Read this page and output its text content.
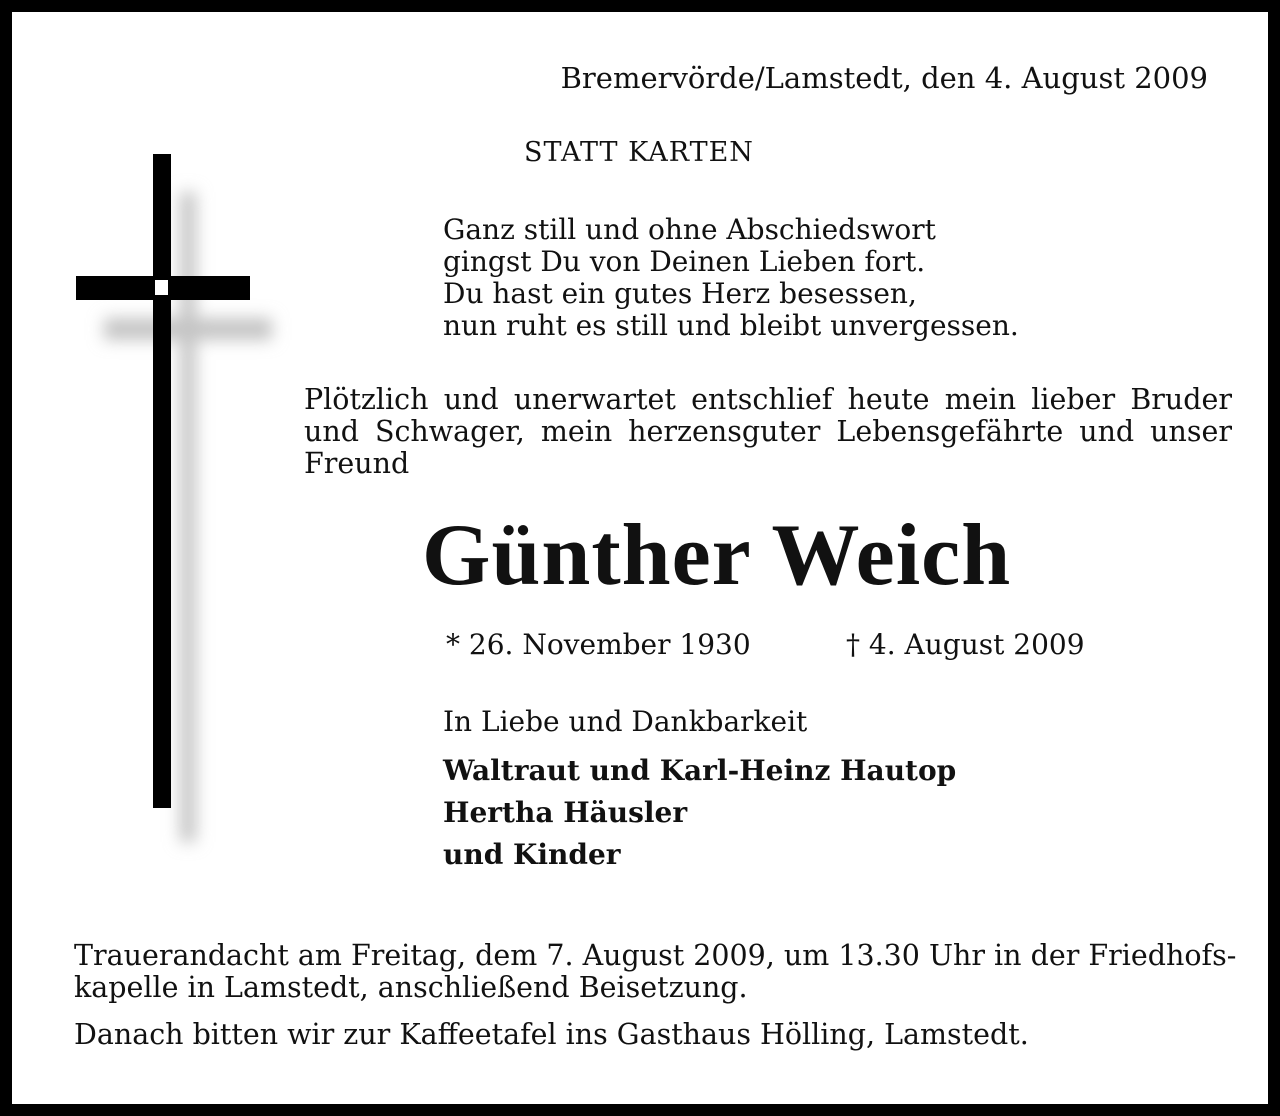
Bremervörde/Lamstedt, den 4. August 2009

STATT KARTEN

Ganz still und ohne Abschiedswort
gingst Du von Deinen Lieben fort.
Du hast ein gutes Herz besessen,
nun ruht es still und bleibt unvergessen.
Plötzlich und unerwartet entschlief heute mein lieber Bruder
und Schwager, mein herzensguter Lebensgefährte und unser
Freund

Günther Weich

* 26. November 1930	† 4. August 2009

In Liebe und Dankbarkeit

Waltraut und Karl-Heinz Hautop
Hertha Häusler
und Kinder
Trauerandacht am Freitag, dem 7. August 2009, um 13.30 Uhr in der Friedhofs-
kapelle in Lamstedt, anschließend Beisetzung.

Danach bitten wir zur Kaffeetafel ins Gasthaus Hölling, Lamstedt.
